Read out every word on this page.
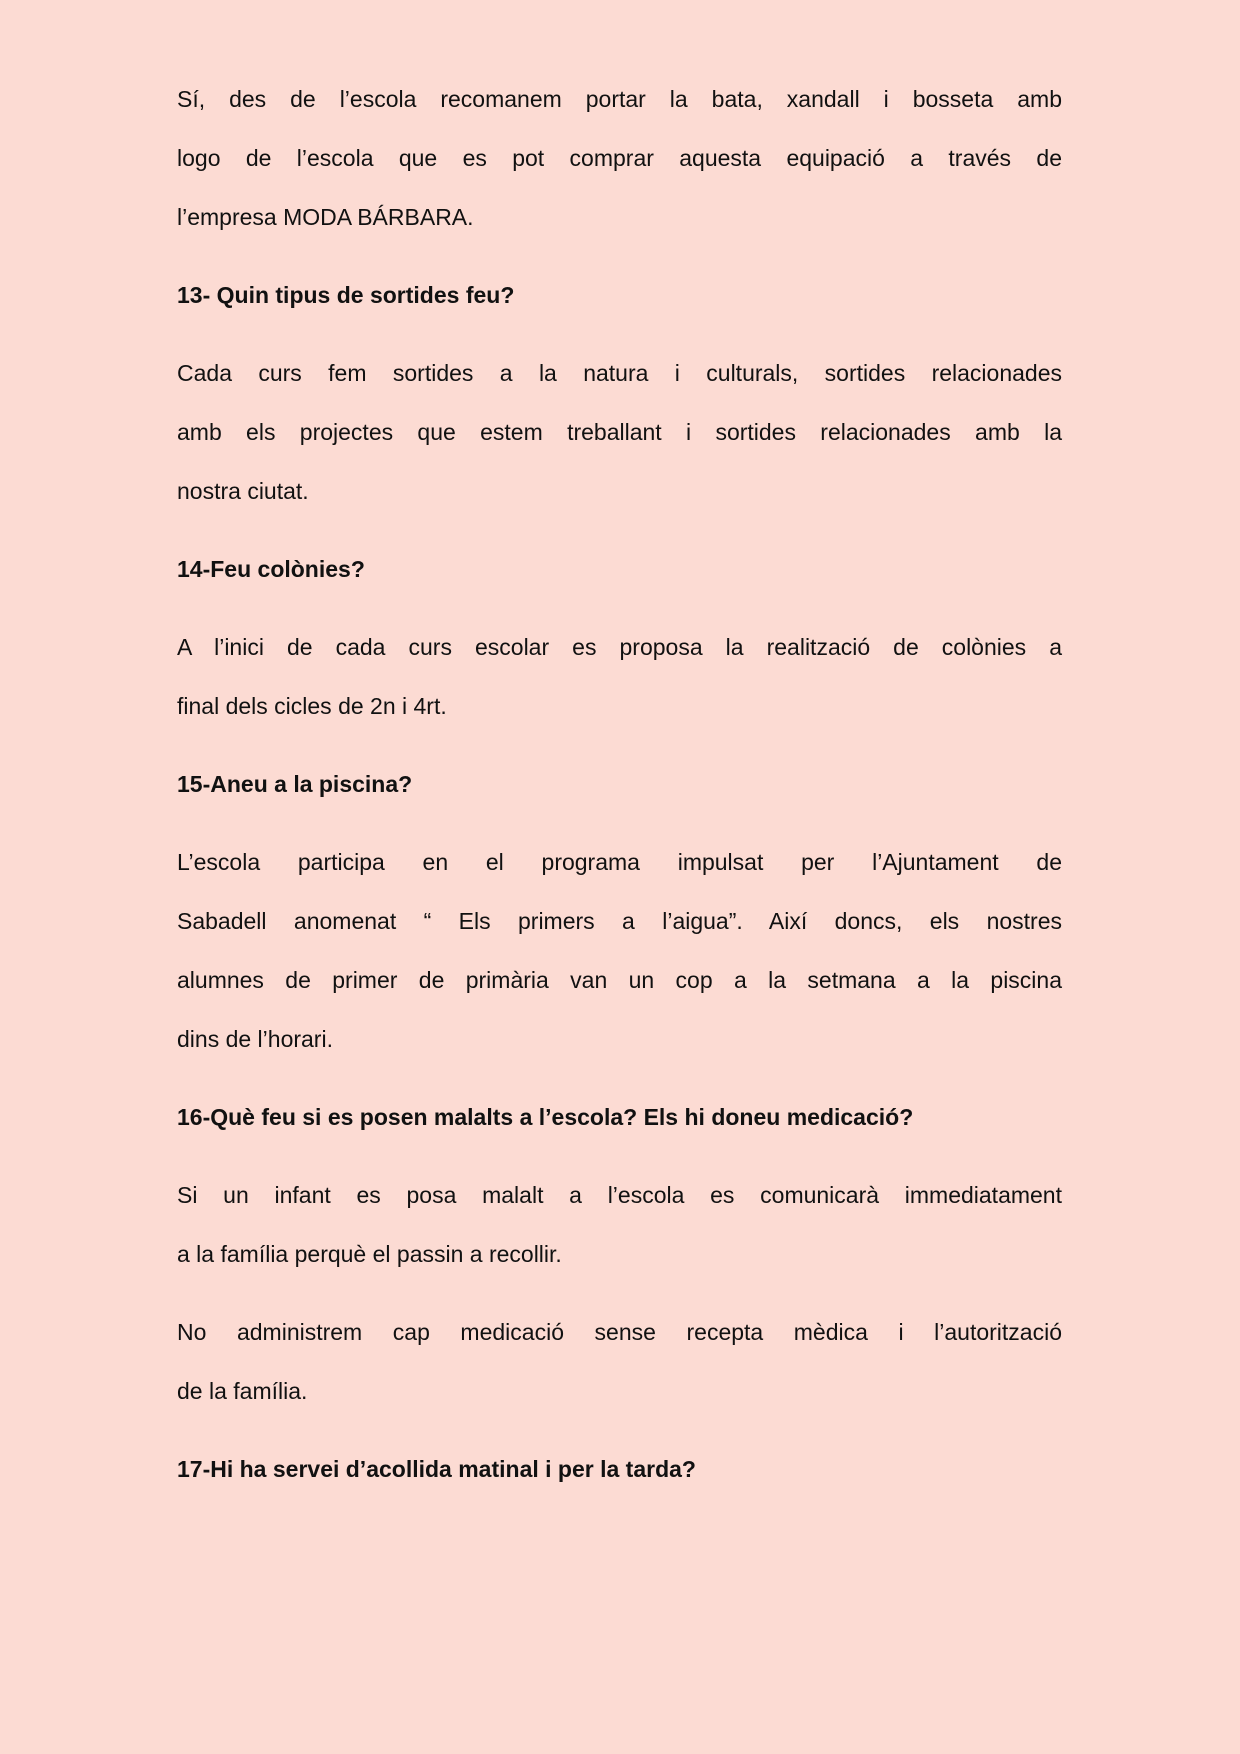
Sí, des de l’escola recomanem portar la bata, xandall i bosseta amb
logo de l’escola que es pot comprar aquesta equipació a través de
l’empresa MODA BÁRBARA.
13- Quin tipus de sortides feu?
Cada curs fem sortides a la natura i culturals, sortides relacionades
amb els projectes que estem treballant i sortides relacionades amb la
nostra ciutat.
14-Feu colònies?
A l’inici de cada curs escolar es proposa la realització de colònies a
final dels cicles de 2n i 4rt.
15-Aneu a la piscina?
L’escola participa en el programa impulsat per l’Ajuntament de
Sabadell anomenat “ Els primers a l’aigua”. Així doncs, els nostres
alumnes de primer de primària van un cop a la setmana a la piscina
dins de l’horari.
16-Què feu si es posen malalts a l’escola? Els hi doneu medicació?
Si un infant es posa malalt a l’escola es comunicarà immediatament
a la família perquè el passin a recollir.
No administrem cap medicació sense recepta mèdica i l’autorització
de la família.
17-Hi ha servei d’acollida matinal i per la tarda?
